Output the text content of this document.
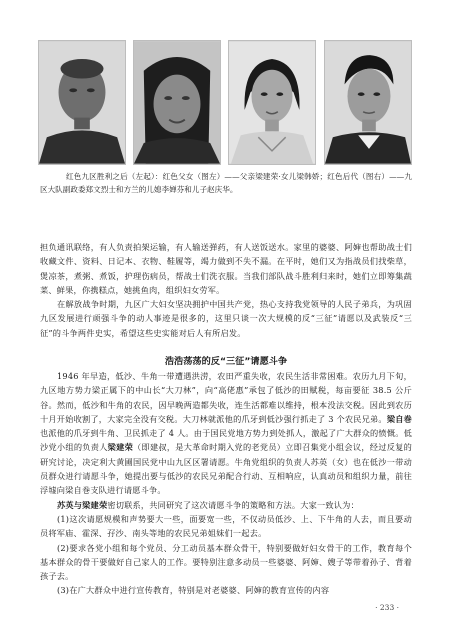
红色九区胜利之后（左起）：红色父女（图左）——父亲梁建荣·女儿梁韩娇；红色后代（图右）——九区大队副政委郑文烈士和方兰的儿媳李婵芬和儿子赵庆华。

担负通讯联络，有人负责拍架运输，有人输送弹药，有人送饭送水。家里的婆婆、阿婶也帮助战士们收藏文件、资料、日记本、衣物、鞋履等，竭力做到不失不漏。在平时，她们又为指战员们找柴草，煲凉茶，煮粥、煮饭，护理伤病员，帮战士们洗衣服。当我们部队战斗胜利归来时，她们立即筹集蔬菜、鲜果，你携糕点，她挑鱼肉，组织妇女劳军。

在解放战争时期，九区广大妇女坚决拥护中国共产党，热心支持我党领导的人民子弟兵，为巩固九区发展进行顽强斗争的动人事迹是很多的，这里只谈一次大规模的反“三征”请愿以及武装反“三征”的斗争两件史实，希望这些史实能对后人有所启发。

浩浩荡荡的反“三征”请愿斗争

1946 年早造，低沙、牛角一带遭遇洪涝，农田严重失收，农民生活非常困难。农历九月下旬，九区地方势力梁正属下的中山长“大刀林”，向“高佬惠”承包了低沙的田赋税，每亩要征 38.5 公斤谷。然而，低沙和牛角的农民，因早晚两造都失收，连生活都难以维持，根本没法交税。因此到农历十月开始收割了，大家完全没有交税。大刀林就派他的爪牙到低沙强行抓走了 3 个农民兄弟。梁自巻也派他的爪牙到牛角、卫民抓走了 4 人。由于国民党地方势力到处抓人，激起了广大群众的愤慨。低沙党小组的负责人梁建荣（即建叔，是大革命时期入党的老党员）立即召集党小组会议，经过反复的研究讨论，决定利大黄圃国民党中山九区区署请愿。牛角党组织的负责人苏英（女）也在低沙一带动员群众进行请愿斗争，她提出要与低沙的农民兄弟配合行动、互相响应，认真动员和组织力量，前往浮墟向梁自巻支队进行请愿斗争。

苏英与梁建荣密切联系，共同研究了这次请愿斗争的策略和方法。大家一致认为：

(1)这次请愿规模和声势要大一些，面要宽一些，不仅动员低沙、上、下牛角的人去，而且要动员将军庙、霍深、孖沙、南头等地的农民兄弟姐妹们一起去。

(2)要求各党小组和每个党员、分工动员基本群众骨干，特别要做好妇女骨干的工作，教育每个基本群众的骨干要做好自己家人的工作。要特别注意多动员一些婆婆、阿婶、嫂子等带着孙子、背着孩子去。

(3)在广大群众中进行宣传教育，特别是对老婆婆、阿婶的教育宣传的内容

· 233 ·
